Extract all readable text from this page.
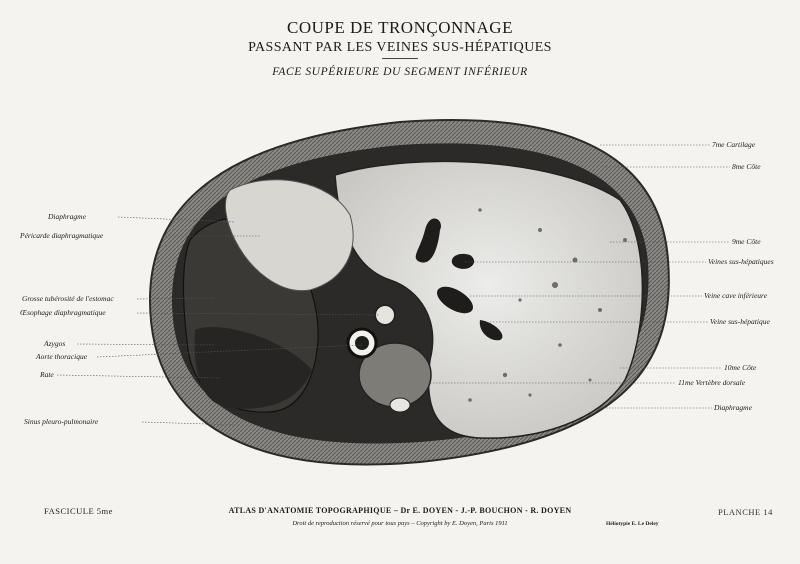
COUPE DE TRONÇONNAGE
PASSANT PAR LES VEINES SUS-HÉPATIQUES
FACE SUPÉRIEURE DU SEGMENT INFÉRIEUR
Diaphragme
Péricarde diaphragmatique
Grosse tubérosité de l'estomac
Œsophage diaphragmatique
Azygos
Aorte thoracique
Rate
Sinus pleuro-pulmonaire
7me Cartilage
8me Côte
9me Côte
Veines sus-hépatiques
Veine cave inférieure
Veine sus-hépatique
10me Côte
11me Vertèbre dorsale
Diaphragme
FASCICULE 5me	ATLAS D'ANATOMIE TOPOGRAPHIQUE – Dr E. DOYEN - J.-P. BOUCHON - R. DOYEN
Droit de reproduction réservé pour tous pays – Copyright by E. Doyen, Paris 1911	Héliotypie E. Le Deley
PLANCHE 14
